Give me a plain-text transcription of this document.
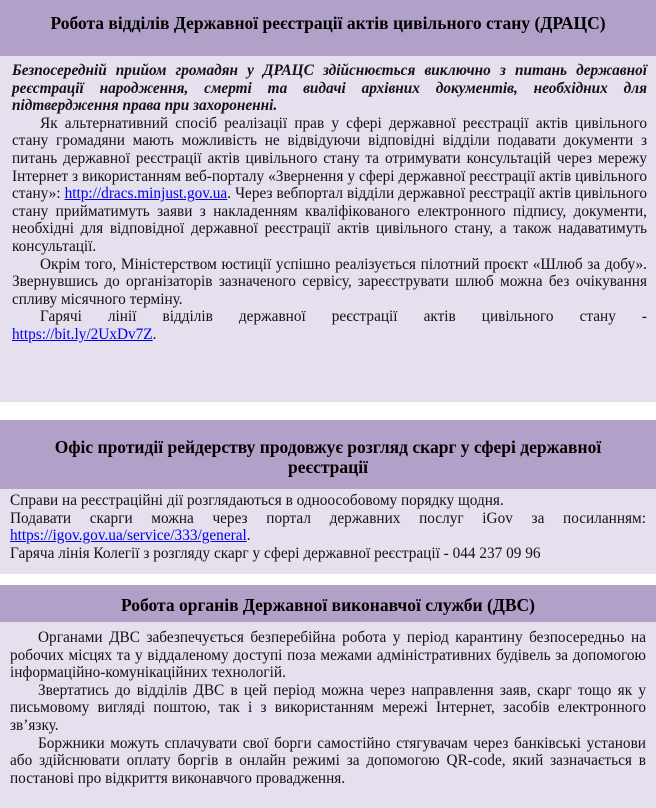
Робота відділів Державної реєстрації актів цивільного стану (ДРАЦС)

Безпосередній прийом громадян у ДРАЦС здійснюється виключно з питань державної реєстрації народження, смерті та видачі архівних документів, необхідних для підтвердження права при захороненні.

Як альтернативний спосіб реалізації прав у сфері державної реєстрації актів цивільного стану громадяни мають можливість не відвідуючи відповідні відділи подавати документи з питань державної реєстрації актів цивільного стану та отримувати консультацій через мережу Інтернет з використанням веб-порталу «Звернення у сфері державної реєстрації актів цивільного стану»: http://dracs.minjust.gov.ua. Через вебпортал відділи державної реєстрації актів цивільного стану прийматимуть заяви з накладенням кваліфікованого електронного підпису, документи, необхідні для відповідної державної реєстрації актів цивільного стану, а також надаватимуть консультації.

Окрім того, Міністерством юстиції успішно реалізується пілотний проєкт «Шлюб за добу». Звернувшись до організаторів зазначеного сервісу, зареєструвати шлюб можна без очікування спливу місячного терміну.

Гарячі лінії відділів державної реєстрації актів цивільного стану -

https://bit.ly/2UxDv7Z.

Офіс протидії рейдерству продовжує розгляд скарг у сфері державної реєстрації

Справи на реєстраційні дії розглядаються в одноособовому порядку щодня.

Подавати скарги можна через портал державних послуг iGov за посиланням: https://igov.gov.ua/service/333/general.

Гаряча лінія Колегії з розгляду скарг у сфері державної реєстрації - 044 237 09 96

Робота органів Державної виконавчої служби (ДВС)

Органами ДВС забезпечується безперебійна робота у період карантину безпосередньо на робочих місцях та у віддаленому доступі поза межами адміністративних будівель за допомогою інформаційно-комунікаційних технологій.

Звертатись до відділів ДВС в цей період можна через направлення заяв, скарг тощо як у письмовому вигляді поштою, так і з використанням мережі Інтернет, засобів електронного зв’язку.

Боржники можуть сплачувати свої борги самостійно стягувачам через банківські установи або здійснювати оплату боргів в онлайн режимі за допомогою QR-code, який зазначається в постанові про відкриття виконавчого провадження.
